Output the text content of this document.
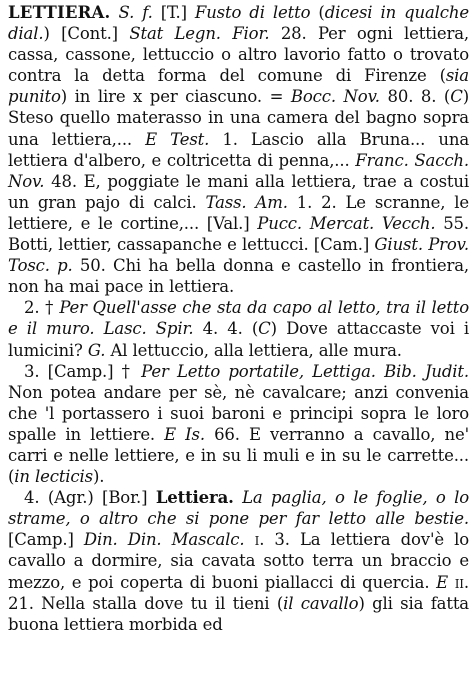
LETTIERA. S. f. [T.] Fusto di letto (dicesi in qualche dial.) [Cont.] Stat Legn. Fior. 28. Per ogni lettiera, cassa, cassone, lettuccio o altro lavorio fatto o trovato contra la detta forma del comune di Firenze (sia punito) in lire x per ciascuno. = Bocc. Nov. 80. 8. (C) Steso quello materasso in una camera del bagno sopra una lettiera,... E Test. 1. Lascio alla Bruna... una lettiera d'albero, e coltricetta di penna,... Franc. Sacch. Nov. 48. E, poggiate le mani alla lettiera, trae a costui un gran pajo di calci. Tass. Am. 1. 2. Le scranne, le lettiere, e le cortine,... [Val.] Pucc. Mercat. Vecch. 55. Botti, lettier, cassapanche e lettucci. [Cam.] Giust. Prov. Tosc. p. 50. Chi ha bella donna e castello in frontiera, non ha mai pace in lettiera.

2. † Per Quell'asse che sta da capo al letto, tra il letto e il muro. Lasc. Spir. 4. 4. (C) Dove attaccaste voi i lumicini? G. Al lettuccio, alla lettiera, alle mura.

3. [Camp.] † Per Letto portatile, Lettiga. Bib. Judit. Non potea andare per sè, nè cavalcare; anzi convenia che 'l portassero i suoi baroni e principi sopra le loro spalle in lettiere. E Is. 66. E verranno a cavallo, ne' carri e nelle lettiere, e in su li muli e in su le carrette... (in lecticis).

4. (Agr.) [Bor.] Lettiera. La paglia, o le foglie, o lo strame, o altro che si pone per far letto alle bestie. [Camp.] Din. Din. Mascalc. i. 3. La lettiera dov'è lo cavallo a dormire, sia cavata sotto terra un braccio e mezzo, e poi coperta di buoni piallacci di quercia. E ii. 21. Nella stalla dove tu il tieni (il cavallo) gli sia fatta buona lettiera morbida ed
